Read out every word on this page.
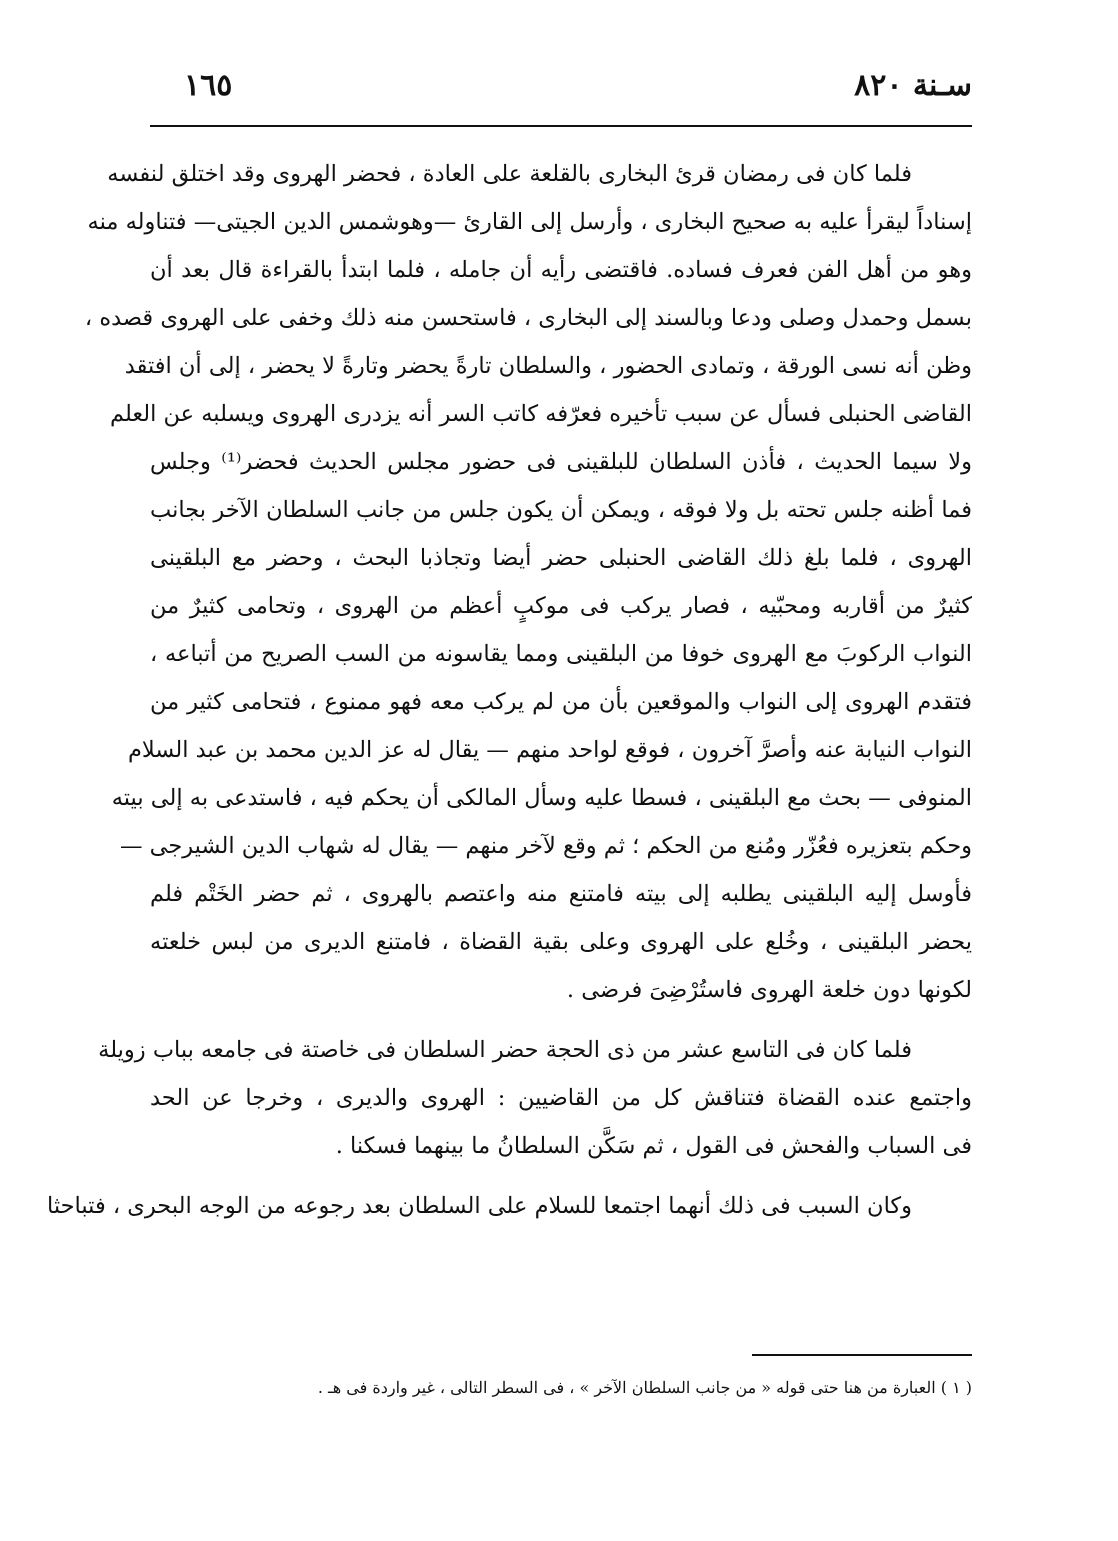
سـنة ٨٢٠
١٦٥
فلما كان فى رمضان قرئ البخارى بالقلعة على العادة ، فحضر الهروى وقد اختلق لنفسه
إسناداً ليقرأ عليه به صحيح البخارى ، وأرسل إلى القارئ —وهوشمس الدين الجيتى— فتناوله منه
وهو من أهل الفن فعرف فساده. فاقتضى رأيه أن جامله ، فلما ابتدأ بالقراءة قال بعد أن
بسمل وحمدل وصلى ودعا وبالسند إلى البخارى ، فاستحسن منه ذلك وخفى على الهروى قصده ،
وظن أنه نسى الورقة ، وتمادى الحضور ، والسلطان تارةً يحضر وتارةً لا يحضر ، إلى أن افتقد
القاضى الحنبلى فسأل عن سبب تأخيره فعرّفه كاتب السر أنه يزدرى الهروى ويسلبه عن العلم
ولا سيما الحديث ، فأذن السلطان للبلقينى فى حضور مجلس الحديث فحضر⁽¹⁾ وجلس
فما أظنه جلس تحته بل ولا فوقه ، ويمكن أن يكون جلس من جانب السلطان الآخر بجانب
الهروى ، فلما بلغ ذلك القاضى الحنبلى حضر أيضا وتجاذبا البحث ، وحضر مع البلقينى
كثيرٌ من أقاربه ومحبّيه ، فصار يركب فى موكبٍ أعظم من الهروى ، وتحامى كثيرٌ من
النواب الركوبَ مع الهروى خوفا من البلقينى ومما يقاسونه من السب الصريح من أتباعه ،
فتقدم الهروى إلى النواب والموقعين بأن من لم يركب معه فهو ممنوع ، فتحامى كثير من
النواب النيابة عنه وأصرَّ آخرون ، فوقع لواحد منهم — يقال له عز الدين محمد بن عبد السلام
المنوفى — بحث مع البلقينى ، فسطا عليه وسأل المالكى أن يحكم فيه ، فاستدعى به إلى بيته
وحكم بتعزيره فعُزّر ومُنع من الحكم ؛ ثم وقع لآخر منهم — يقال له شهاب الدين الشيرجى —
فأوسل إليه البلقينى يطلبه إلى بيته فامتنع منه واعتصم بالهروى ، ثم حضر الخَتْم فلم
يحضر البلقينى ، وخُلع على الهروى وعلى بقية القضاة ، فامتنع الديرى من لبس خلعته
لكونها دون خلعة الهروى فاستُرْضِىَ فرضى .
فلما كان فى التاسع عشر من ذى الحجة حضر السلطان فى خاصتة فى جامعه بباب زويلة
واجتمع عنده القضاة فتناقش كل من القاضيين : الهروى والديرى ، وخرجا عن الحد
فى السباب والفحش فى القول ، ثم سَكَّن السلطانُ ما بينهما فسكنا .
وكان السبب فى ذلك أنهما اجتمعا للسلام على السلطان بعد رجوعه من الوجه البحرى ، فتباحثا
( ١ ) العبارة من هنا حتى قوله « من جانب السلطان الآخر » ، فى السطر التالى ، غير واردة فى هـ .
